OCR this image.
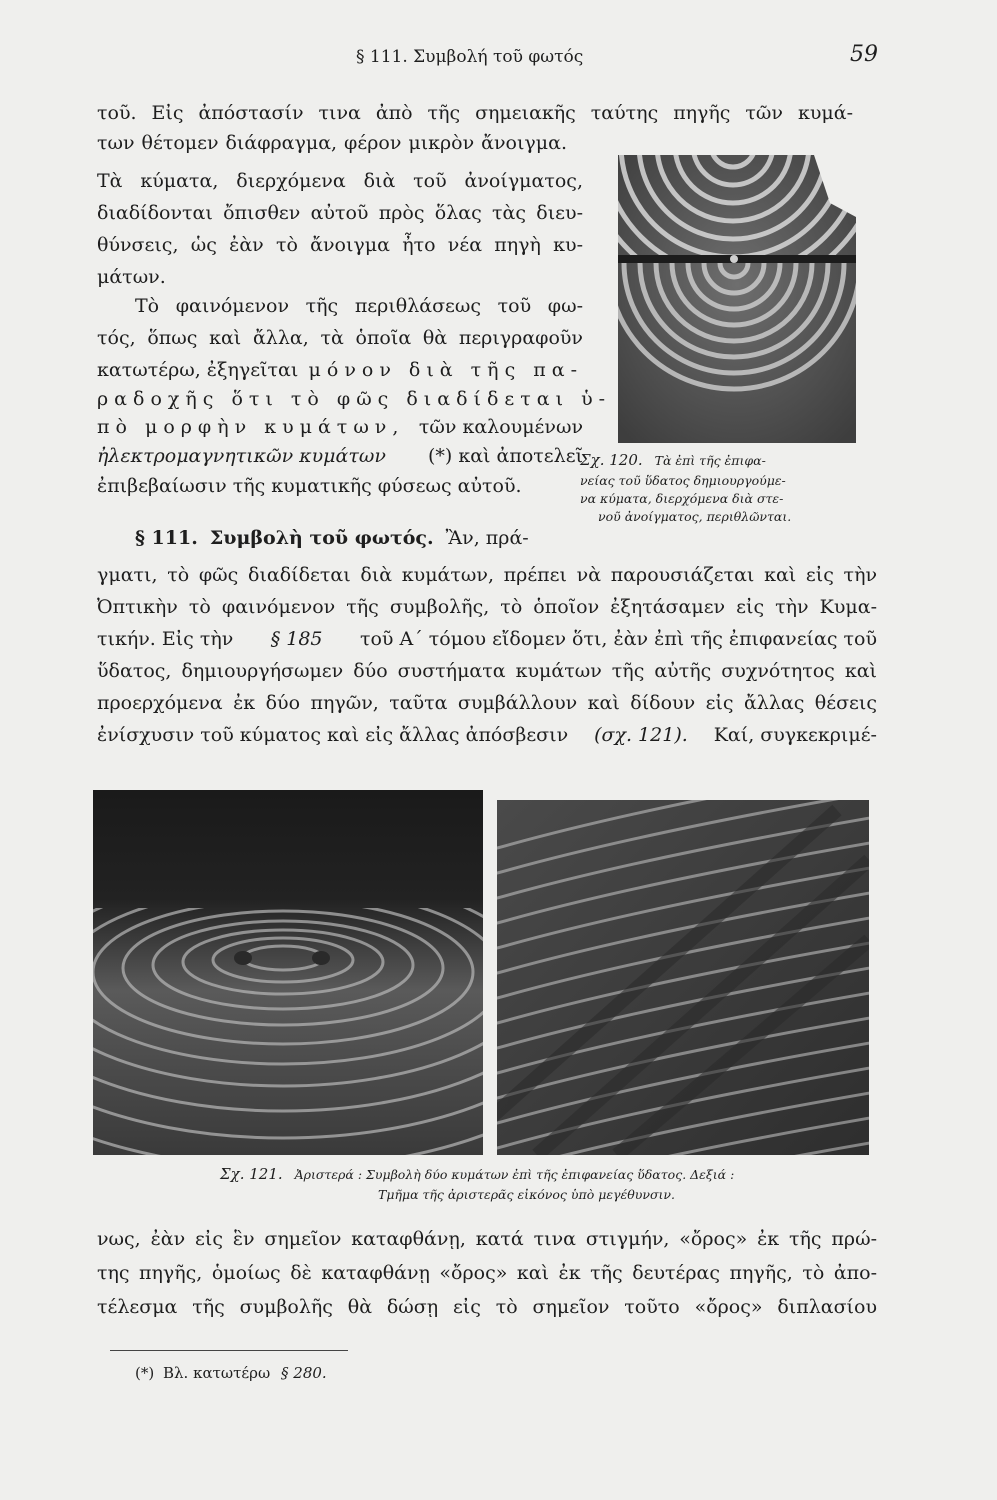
§ 111. Συμβολή τοῦ φωτός	59
τοῦ. Εἰς ἀπόστασίν τινα ἀπὸ τῆς σημειακῆς ταύτης πηγῆς τῶν κυμά-
των θέτομεν διάφραγμα, φέρον μικρὸν ἄνοιγμα.
Τὰ κύματα, διερχόμενα διὰ τοῦ ἀνοίγματος,
διαδίδονται ὄπισθεν αὐτοῦ πρὸς ὅλας τὰς διευ-
θύνσεις, ὡς ἐὰν τὸ ἄνοιγμα ἦτο νέα πηγὴ κυ-
μάτων.
Τὸ φαινόμενον τῆς περιθλάσεως τοῦ φω-
τός, ὅπως καὶ ἄλλα, τὰ ὁποῖα θὰ περιγραφοῦν
κατωτέρω, ἐξηγεῖται μόνον διὰ τῆς πα-
ραδοχῆς ὅτι τὸ φῶς διαδίδεται ὑ-
πὸ μορφὴν κυμάτων, τῶν καλουμένων
ἠλεκτρομαγνητικῶν κυμάτων (*) καὶ ἀποτελεῖ
ἐπιβεβαίωσιν τῆς κυματικῆς φύσεως αὐτοῦ.
Σχ. 120. Τὰ ἐπὶ τῆς ἐπιφα-
νείας τοῦ ὕδατος δημιουργούμε-
να κύματα, διερχόμενα διὰ στε-
νοῦ ἀνοίγματος, περιθλῶνται.
§ 111. Συμβολὴ τοῦ φωτός. Ἂν, πρά-
γματι, τὸ φῶς διαδίδεται διὰ κυμάτων, πρέπει νὰ παρουσιάζεται καὶ εἰς τὴν
Ὀπτικὴν τὸ φαινόμενον τῆς συμβολῆς, τὸ ὁποῖον ἐξητάσαμεν εἰς τὴν Κυμα-
τικήν. Εἰς τὴν § 185 τοῦ Α΄ τόμου εἴδομεν ὅτι, ἐὰν ἐπὶ τῆς ἐπιφανείας τοῦ
ὕδατος, δημιουργήσωμεν δύο συστήματα κυμάτων τῆς αὐτῆς συχνότητος καὶ
προερχόμενα ἐκ δύο πηγῶν, ταῦτα συμβάλλουν καὶ δίδουν εἰς ἄλλας θέσεις
ἐνίσχυσιν τοῦ κύματος καὶ εἰς ἄλλας ἀπόσβεσιν (σχ. 121). Καί, συγκεκριμέ-
Σχ. 121. Ἀριστερά : Συμβολὴ δύο κυμάτων ἐπὶ τῆς ἐπιφανείας ὕδατος. Δεξιά :
Τμῆμα τῆς ἀριστερᾶς εἰκόνος ὑπὸ μεγέθυνσιν.
νως, ἐὰν εἰς ἓν σημεῖον καταφθάνῃ, κατά τινα στιγμήν, «ὄρος» ἐκ τῆς πρώ-
της πηγῆς, ὁμοίως δὲ καταφθάνῃ «ὄρος» καὶ ἐκ τῆς δευτέρας πηγῆς, τὸ ἀπο-
τέλεσμα τῆς συμβολῆς θὰ δώσῃ εἰς τὸ σημεῖον τοῦτο «ὄρος» διπλασίου
(*) Βλ. κατωτέρω § 280.
